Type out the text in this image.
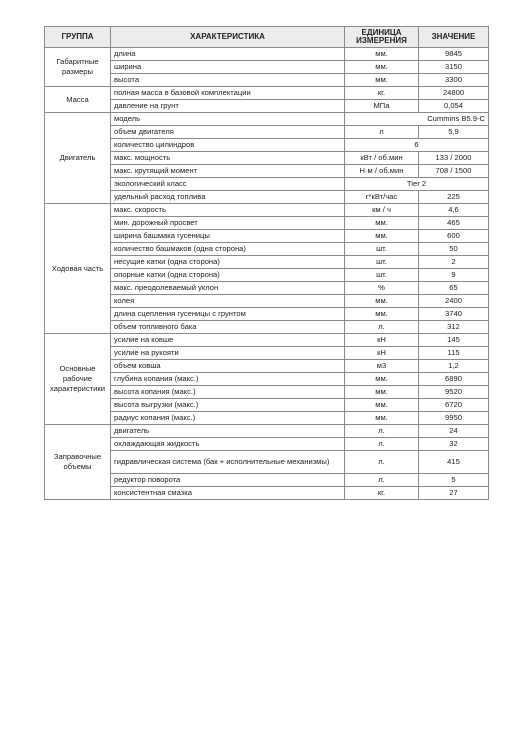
ГРУППА	ХАРАКТЕРИСТИКА	ЕДИНИЦА ИЗМЕРЕНИЯ	ЗНАЧЕНИЕ
Габаритные размеры	длина	мм.	9845
	ширина	мм.	3150
	высота	мм.	3300
Масса	полная масса в базовой комплектации	кг.	24800
	давление на грунт	МПа	0,054
Двигатель	модель	Cummins B5.9-C	
	объем двигателя	л	5,9
	количество цилиндров	6	
	макс. мощность	кВт / об.мин	133 / 2000
	макс. крутящий момент	Н·м / об.мин	708 / 1500
	экологический класс	Tier 2	
	удельный расход топлива	г*кВт/час	225
Ходовая часть	макс. скорость	км / ч	4,6
	мин. дорожный просвет	мм.	465
	ширина башмака гусеницы	мм.	600
	количество башмаков (одна сторона)	шт.	50
	несущие катки (одна сторона)	шт.	2
	опорные катки (одна сторона)	шт.	9
	макс. преодолеваемый уклон	%	65
	колея	мм.	2400
	длина сцепления гусеницы с грунтом	мм.	3740
	объем топливного бака	л.	312
Основные рабочие характеристики	усилие на ковше	кН	145
	усилие на рукояти	кН	115
	объем ковша	м3	1,2
	глубина копания (макс.)	мм.	6890
	высота копания (макс.)	мм.	9520
	высота выгрузки (макс.)	мм.	6720
	радиус копания (макс.)	мм.	9950
Заправочные объемы	двигатель	л.	24
	охлаждающая жидкость	л.	32
	гидравлическая система (бак + исполнительные механизмы)	л.	415
	редуктор поворота	л.	5
	консистентная смазка	кг.	27
